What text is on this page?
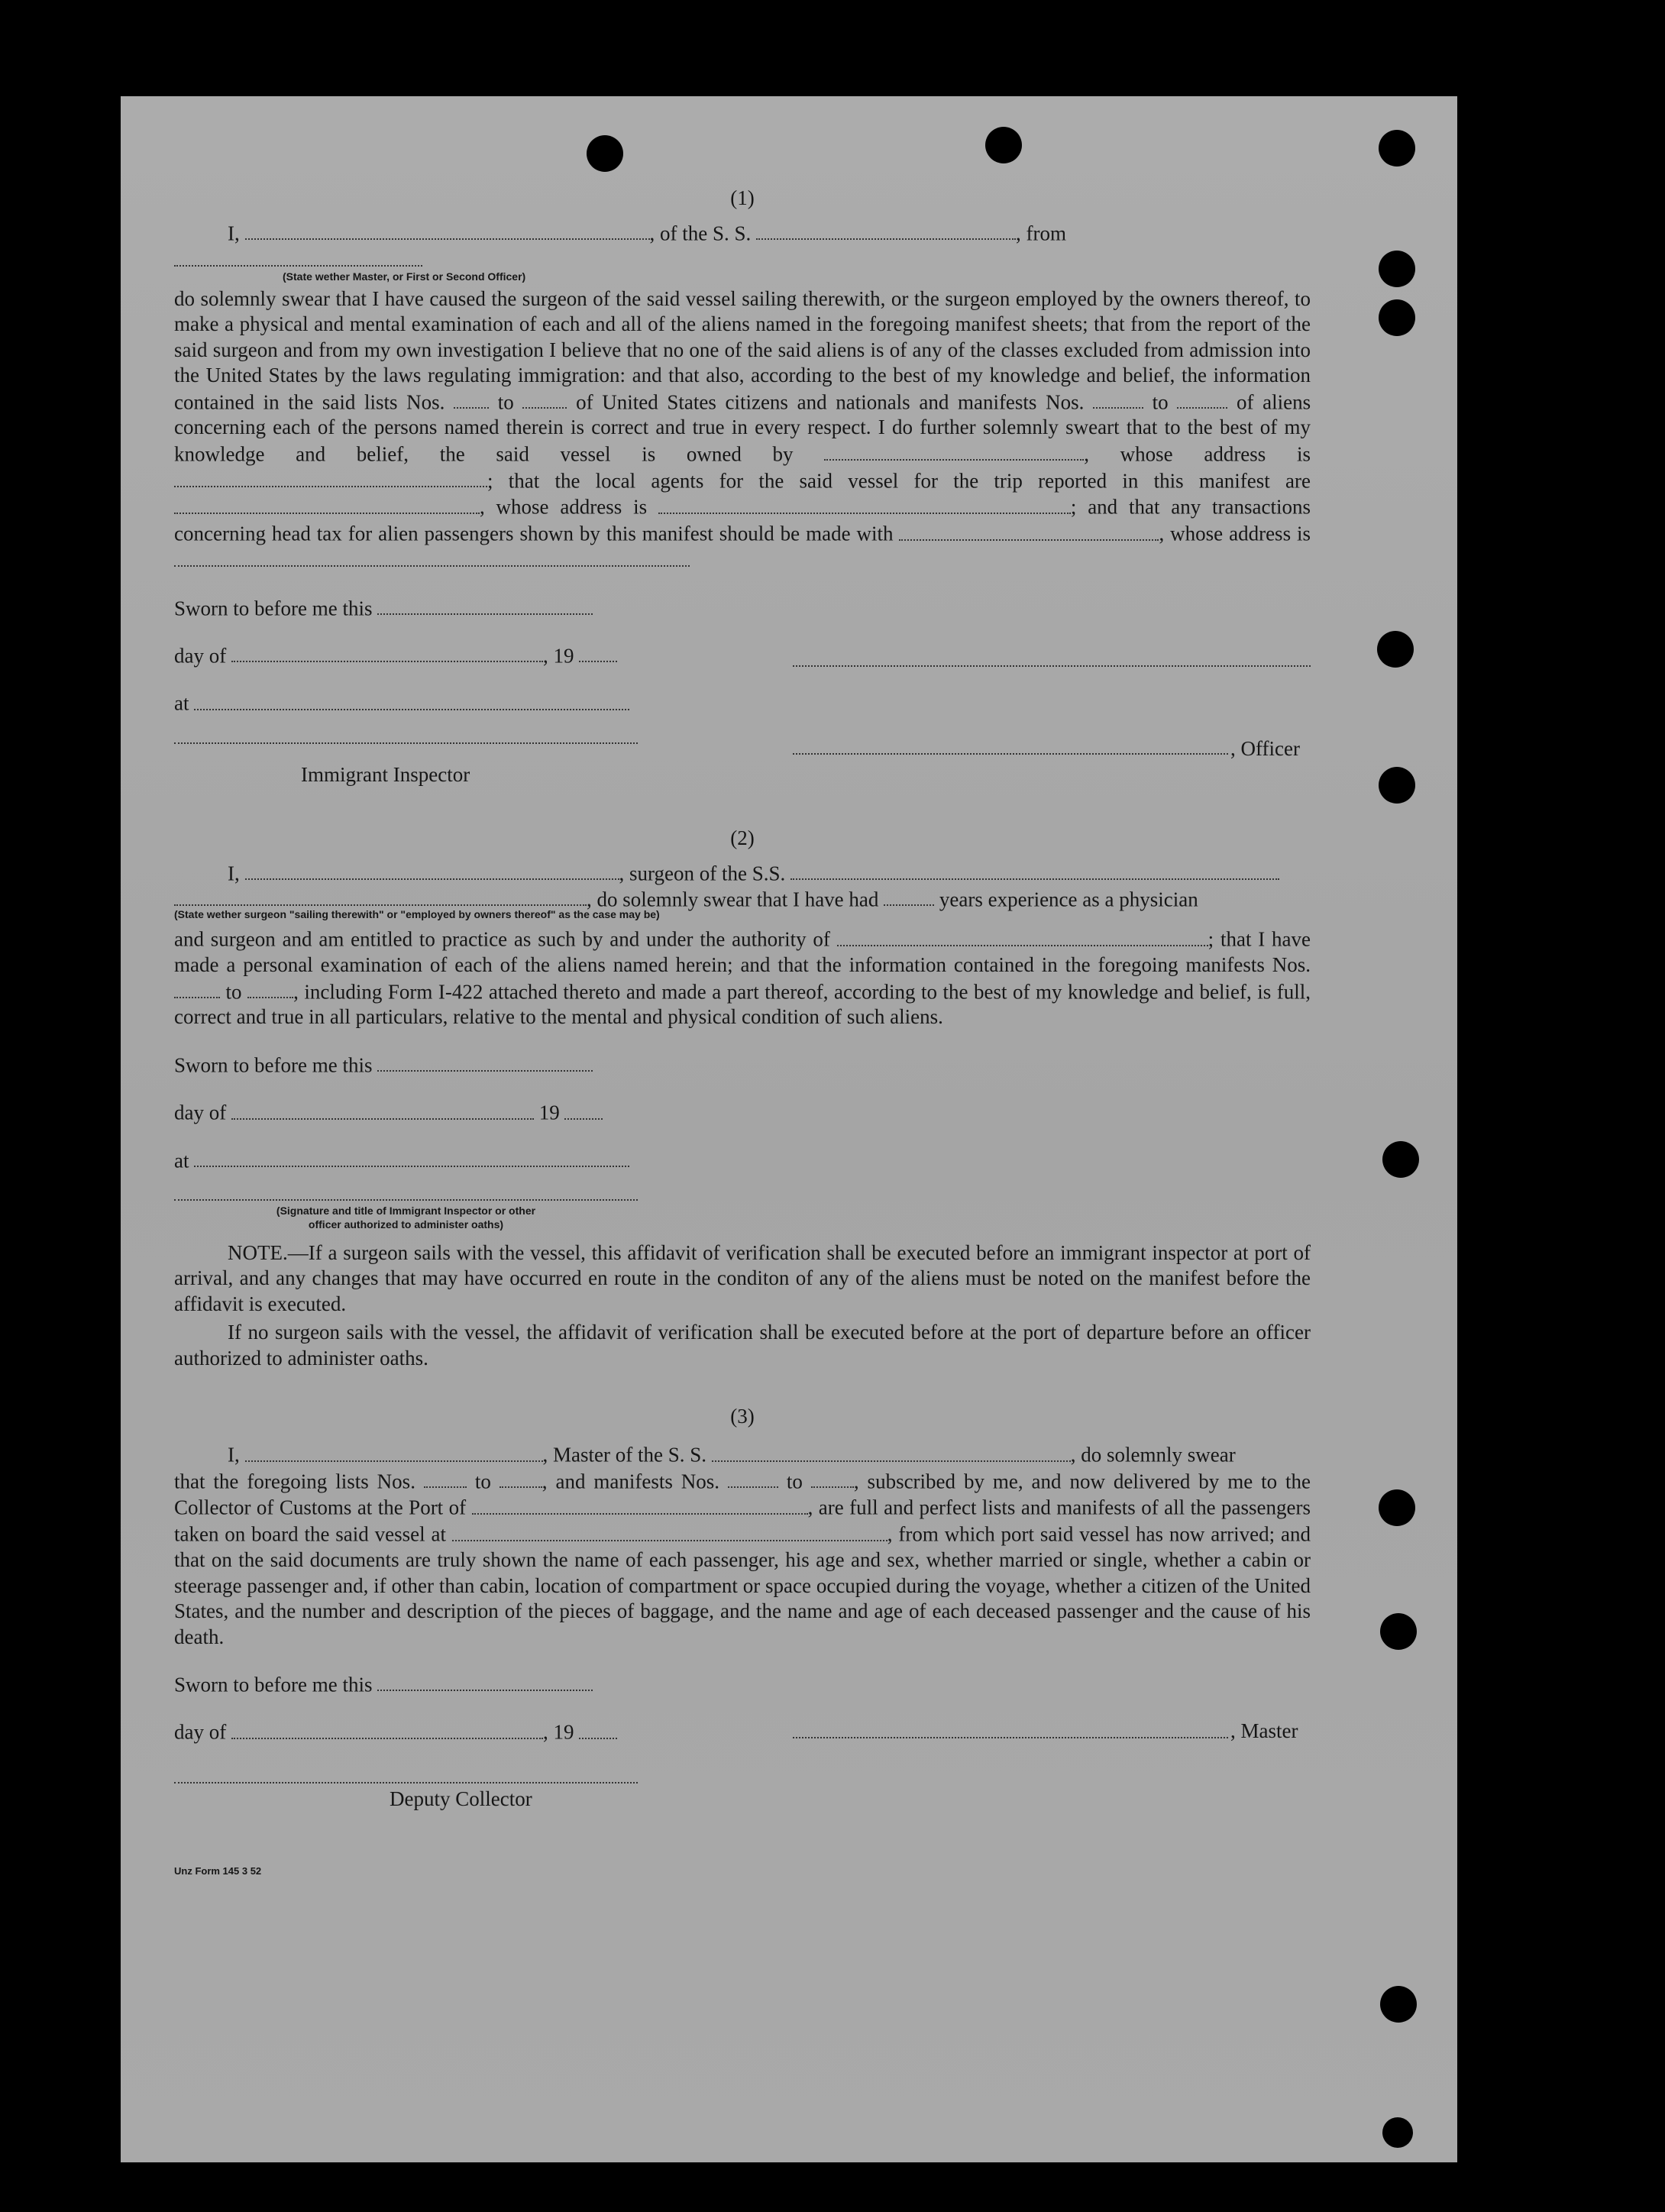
(1)

I,	, of the S. S.	, from
(State wether Master, or First or Second Officer)

do solemnly swear that I have caused the surgeon of the said vessel sailing therewith, or the surgeon employed by the owners thereof, to make a physical and mental examination of each and all of the aliens named in the foregoing manifest sheets; that from the report of the said surgeon and from my own investigation I believe that no one of the said aliens is of any of the classes excluded from admission into the United States by the laws regulating immigration: and that also, according to the best of my knowledge and belief, the information contained in the said lists Nos.	to	of United States citizens and nationals and manifests Nos.	to	of aliens concerning each of the persons named therein is correct and true in every respect. I do further solemnly sweart that to the best of my knowledge and belief, the said vessel is owned by	, whose address is ; that the local agents for the said vessel for the trip reported in this manifest are , whose address is	; and that any transactions concerning head tax for alien passengers shown by this manifest should be made with	, whose address is

Sworn to before me this
day of	, 19
at
Immigrant Inspector
, Officer

(2)

I,	, surgeon of the S.S.
, do solemnly swear that I have had	years experience as a physician
(State wether surgeon "sailing therewith" or "employed by owners thereof" as the case may be)

and surgeon and am entitled to practice as such by and under the authority of	; that I have made a personal examination of each of the aliens named herein; and that the information contained in the foregoing manifests Nos.  to	, including Form I-422 attached thereto and made a part thereof, according to the best of my knowledge and belief, is full, correct and true in all particulars, relative to the mental and physical condition of such aliens.

Sworn to before me this
day of	19
at
(Signature and title of Immigrant Inspector or other
officer authorized to administer oaths)

NOTE.—If a surgeon sails with the vessel, this affidavit of verification shall be executed before an immigrant inspector at port of arrival, and any changes that may have occurred en route in the conditon of any of the aliens must be noted on the manifest before the affidavit is executed.

If no surgeon sails with the vessel, the affidavit of verification shall be executed before at the port of departure before an officer authorized to administer oaths.

(3)

I,	, Master of the S. S.	, do solemnly swear

that the foregoing lists Nos.	to , and manifests Nos.	to , subscribed by me, and now delivered by me to the Collector of Customs at the Port of	, are full and perfect lists and manifests of all the passengers taken on board the said vessel at	, from which port said vessel has now arrived; and that on the said documents are truly shown the name of each passenger, his age and sex, whether married or single, whether a cabin or steerage passenger and, if other than cabin, location of compartment or space occupied during the voyage, whether a citizen of the United States, and the number and description of the pieces of baggage, and the name and age of each deceased passenger and the cause of his death.

Sworn to before me this
day of	, 19	, Master
Deputy Collector
Unz Form 145 3 52
